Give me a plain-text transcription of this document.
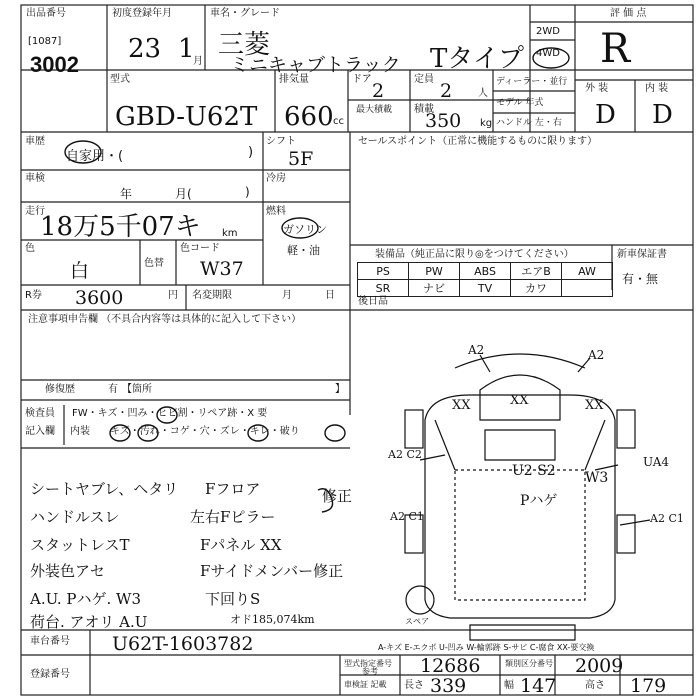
出品番号
[1087]
3002
初度登録年月
23 1
月
車名・グレード
三菱
ミニキャブトラック Tタイプ
2WD
4WD
評 価 点
R
型式
GBD-U62T
排気量
660 cc
ドア
2
定員
2	人
最大積載 積載
350 kg
ディーラー・並行
モデル 年式
ハンドル 左・右
外 装	内 装
D D
車歴
自家用・(	)
シフト
5F
車検
年	月(	)
冷房
走行
18万5千07キ km
燃料
ガソリン
軽・油
色
白	色替
色コード
W37
R券 3600	円 名変期限	月	日
注意事項申告欄 （不具合内容等は具体的に記入して下さい）
修復歴	有 【箇所	】
検査員
記入欄
FW・キズ・凹み・ヒビ割・リペア跡・X 要
内装 キズ・汚れ・コゲ・穴・ズレ・キレ・破り
セールスポイント（正常に機能するものに限ります）
装備品（純正品に限り◎をつけてください）	新車保証書
有・無
PS	PW	ABS	エアB	AW
SR	ナビ	TV	カワ	
後日品
シートヤブレ、ヘタリ
ハンドルスレ
スタットレスT
外装色アセ
A.U. Pハゲ. W3
荷台. アオリ A.U
Fフロア
左右Fピラー
Fパネル XX
Fサイドメンバー修正
下回りS
オド185,074km
修正
A2	A2
XX	XX	XX
A2 C2
U2 S2 W3
UA4
Pハゲ
A2 C1	A2 C1
スペア
A-キズ E-エクボ U-凹み W-輪郭跡 S-サビ C-腐食 XX-要交換
車台番号 U62T-1603782
登録番号
型式指定番号
参考 12686	類別区分番号 2009
車検証 記載 長さ 339	幅 147	高さ 179
